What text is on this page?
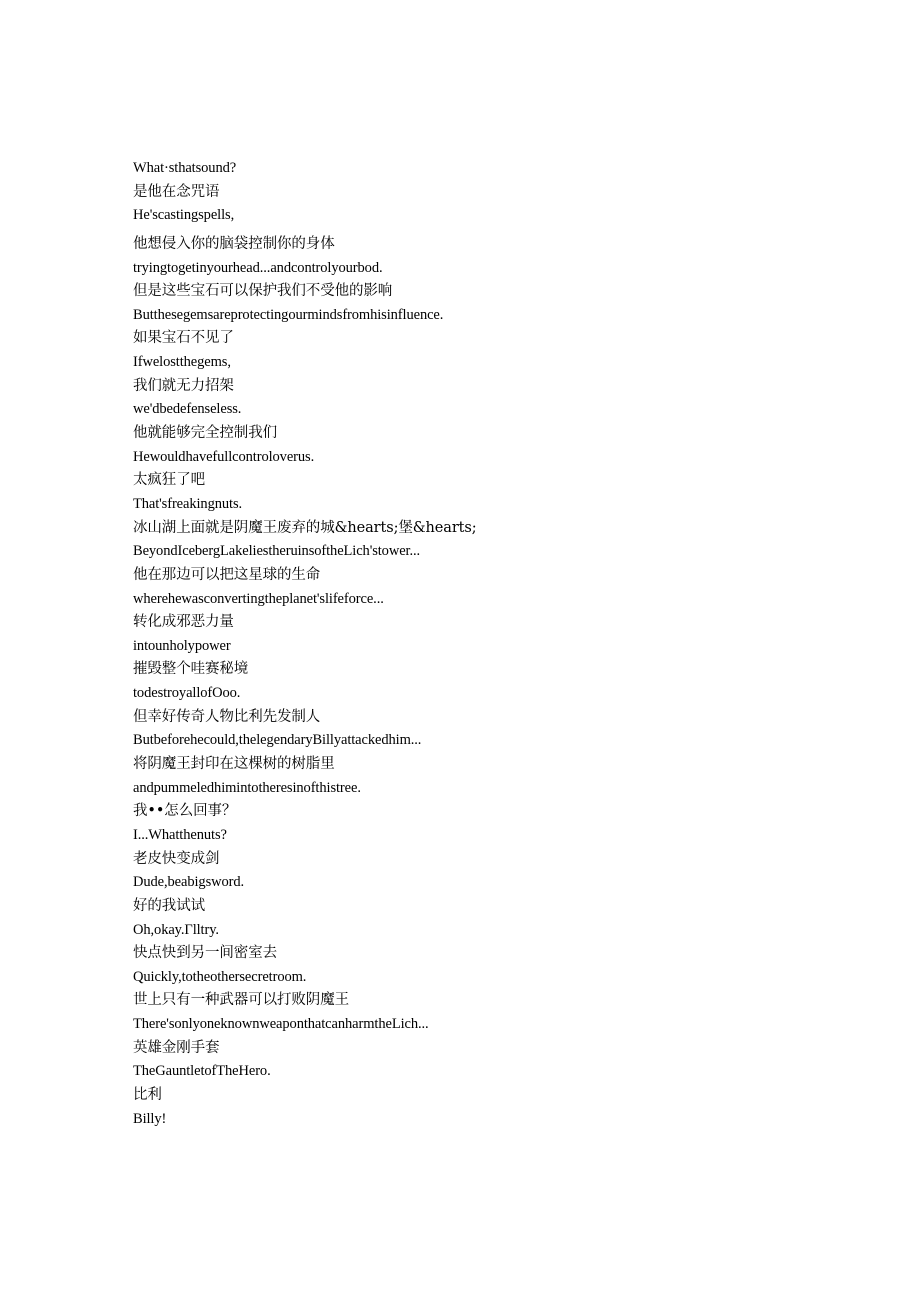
What·sthatsound?
是他在念咒语
He'scastingspells,
他想侵入你的脑袋控制你的身体
tryingtogetinyourhead...andcontrolyourbod.
但是这些宝石可以保护我们不受他的影响
Butthesegemsareprotectingourmindsfromhisinfluence.
如果宝石不见了
Ifwelostthegems,
我们就无力招架
we'dbedefenseless.
他就能够完全控制我们
Hewouldhavefullcontroloverus.
太疯狂了吧
That'sfreakingnuts.
冰山湖上面就是阴魔王废弃的城&hearts;堡&hearts;
BeyondIcebergLakeliestheruinsoftheLich'stower...
他在那边可以把这星球的生命
wherehewasconvertingtheplanet'slifeforce...
转化成邪恶力量
intounholypower
摧毁整个哇赛秘境
todestroyallofOoo.
但幸好传奇人物比利先发制人
Butbeforehecould,thelegendaryBillyattackedhim...
将阴魔王封印在这棵树的树脂里
andpummeledhimintotheresinofthistree.
我••怎么回事？
I...Whatthenuts?
老皮快变成剑
Dude,beabigsword.
好的我试试
Oh,okay.Γlltry.
快点快到另一间密室去
Quickly,totheothersecretroom.
世上只有一种武器可以打败阴魔王
There'sonlyoneknownweaponthatcanharmtheLich...
英雄金刚手套
TheGauntletofTheHero.
比利
Billy!
